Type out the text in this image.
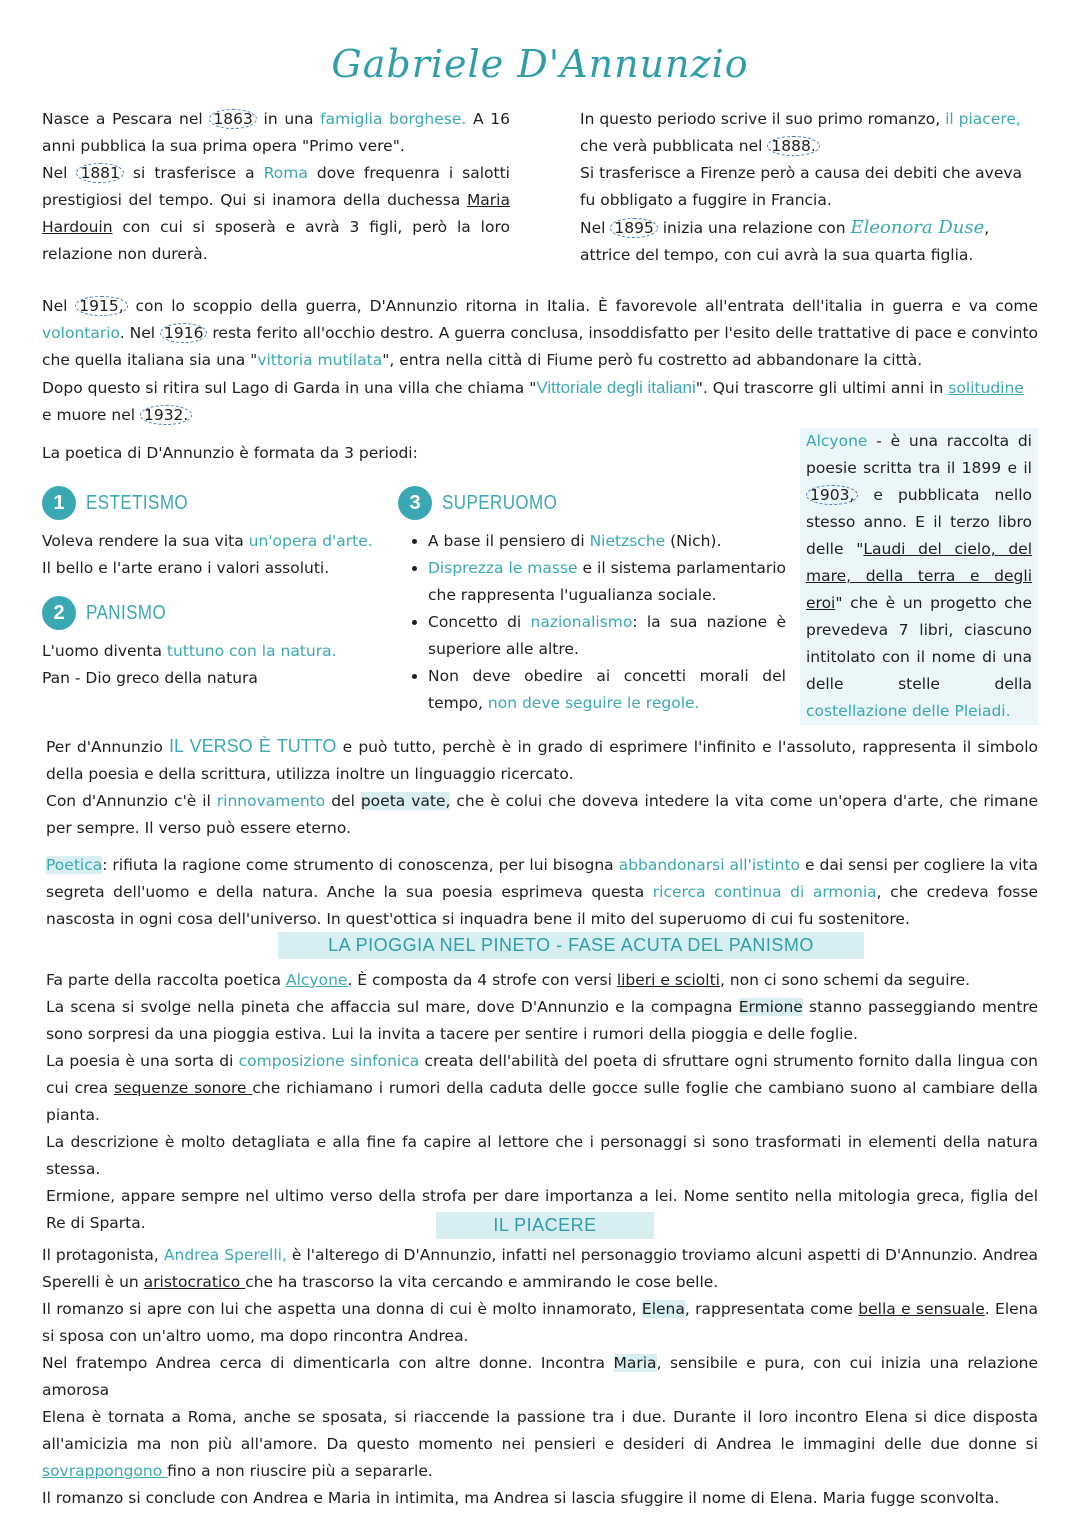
Gabriele D'Annunzio
Nasce a Pescara nel 1863 in una famiglia borghese. A 16 anni pubblica la sua prima opera "Primo vere".
Nel 1881 si trasferisce a Roma dove frequenra i salotti prestigiosi del tempo. Qui si inamora della duchessa Maria Hardouin con cui si sposerà e avrà 3 figli, però la loro relazione non durerà.
In questo periodo scrive il suo primo romanzo, il piacere, che verà pubblicata nel 1888.
Si trasferisce a Firenze però a causa dei debiti che aveva fu obbligato a fuggire in Francia.
Nel 1895 inizia una relazione con Eleonora Duse, attrice del tempo, con cui avrà la sua quarta figlia.
Nel 1915, con lo scoppio della guerra, D'Annunzio ritorna in Italia. È favorevole all'entrata dell'italia in guerra e va come volontario. Nel 1916 resta ferito all'occhio destro. A guerra conclusa, insoddisfatto per l'esito delle trattative di pace e convinto che quella italiana sia una "vittoria mutilata", entra nella città di Fiume però fu costretto ad abbandonare la città.
Dopo questo si ritira sul Lago di Garda in una villa che chiama "Vittoriale degli italiani". Qui trascorre gli ultimi anni in solitudine
e muore nel 1932.
La poetica di D'Annunzio è formata da 3 periodi:
1	ESTETISMO
Voleva rendere la sua vita un'opera d'arte.
Il bello e l'arte erano i valori assoluti.
2	PANISMO
L'uomo diventa tuttuno con la natura.
Pan - Dio greco della natura
3	SUPERUOMO
• A base il pensiero di Nietzsche (Nich).
• Disprezza le masse e il sistema parlamentario che rappresenta l'ugualianza sociale.
• Concetto di nazionalismo: la sua nazione è superiore alle altre.
• Non deve obedire ai concetti morali del tempo, non deve seguire le regole.
Alcyone - è una raccolta di poesie scritta tra il 1899 e il 1903, e pubblicata nello stesso anno. E il terzo libro delle "Laudi del cielo, del mare, della terra e degli eroi" che è un progetto che prevedeva 7 libri, ciascuno intitolato con il nome di una delle stelle della costellazione delle Pleiadi.
Per d'Annunzio IL VERSO È TUTTO e può tutto, perchè è in grado di esprimere l'infinito e l'assoluto, rappresenta il simbolo della poesia e della scrittura, utilizza inoltre un linguaggio ricercato.
Con d'Annunzio c'è il rinnovamento del poeta vate, che è colui che doveva intedere la vita come un'opera d'arte, che rimane per sempre. Il verso può essere eterno.
Poetica: rifiuta la ragione come strumento di conoscenza, per lui bisogna abbandonarsi all'istinto e dai sensi per cogliere la vita segreta dell'uomo e della natura. Anche la sua poesia esprimeva questa ricerca continua di armonia, che credeva fosse nascosta in ogni cosa dell'universo. In quest'ottica si inquadra bene il mito del superuomo di cui fu sostenitore.
LA PIOGGIA NEL PINETO - FASE ACUTA DEL PANISMO
Fa parte della raccolta poetica Alcyone. È composta da 4 strofe con versi liberi e sciolti, non ci sono schemi da seguire.
La scena si svolge nella pineta che affaccia sul mare, dove D'Annunzio e la compagna Ermione stanno passeggiando mentre sono sorpresi da una pioggia estiva. Lui la invita a tacere per sentire i rumori della pioggia e delle foglie.
La poesia è una sorta di composizione sinfonica creata dell'abilità del poeta di sfruttare ogni strumento fornito dalla lingua con cui crea sequenze sonore che richiamano i rumori della caduta delle gocce sulle foglie che cambiano suono al cambiare della pianta.
La descrizione è molto detagliata e alla fine fa capire al lettore che i personaggi si sono trasformati in elementi della natura stessa.
Ermione, appare sempre nel ultimo verso della strofa per dare importanza a lei. Nome sentito nella mitologia greca, figlia del Re di Sparta.	IL PIACERE
Il protagonista, Andrea Sperelli, è l'alterego di D'Annunzio, infatti nel personaggio troviamo alcuni aspetti di D'Annunzio. Andrea Sperelli è un aristocratico che ha trascorso la vita cercando e ammirando le cose belle.
Il romanzo si apre con lui che aspetta una donna di cui è molto innamorato, Elena, rappresentata come bella e sensuale. Elena si sposa con un'altro uomo, ma dopo rincontra Andrea.
Nel fratempo Andrea cerca di dimenticarla con altre donne. Incontra Maria, sensibile e pura, con cui inizia una relazione amorosa
Elena è tornata a Roma, anche se sposata, si riaccende la passione tra i due. Durante il loro incontro Elena si dice disposta all'amicizia ma non più all'amore. Da questo momento nei pensieri e desideri di Andrea le immagini delle due donne si sovrappongono fino a non riuscire più a separarle.
Il romanzo si conclude con Andrea e Maria in intimita, ma Andrea si lascia sfuggire il nome di Elena. Maria fugge sconvolta.
